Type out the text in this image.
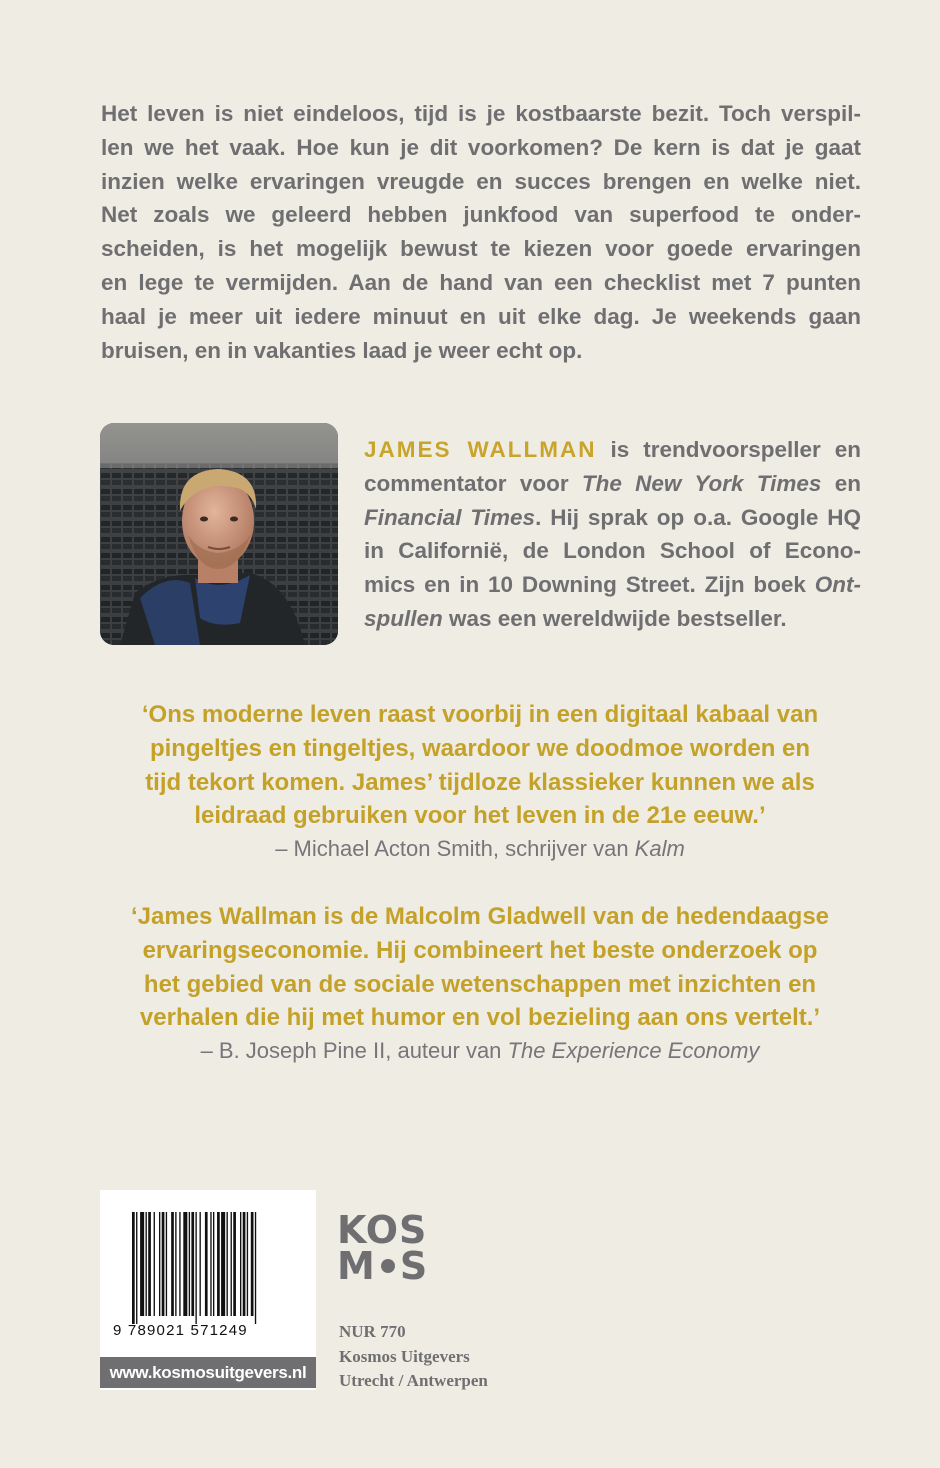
Het leven is niet eindeloos, tijd is je kostbaarste bezit. Toch verspil-
len we het vaak. Hoe kun je dit voorkomen? De kern is dat je gaat
inzien welke ervaringen vreugde en succes brengen en welke niet.
Net zoals we geleerd hebben junkfood van superfood te onder-
scheiden, is het mogelijk bewust te kiezen voor goede ervaringen
en lege te vermijden. Aan de hand van een checklist met 7 punten
haal je meer uit iedere minuut en uit elke dag. Je weekends gaan
bruisen, en in vakanties laad je weer echt op.
JAMES WALLMAN is trendvoorspeller en
commentator voor The New York Times en
Financial Times. Hij sprak op o.a. Google HQ
in Californië, de London School of Econo-
mics en in 10 Downing Street. Zijn boek Ont-
spullen was een wereldwijde bestseller.
‘Ons moderne leven raast voorbij in een digitaal kabaal van
pingeltjes en tingeltjes, waardoor we doodmoe worden en
tijd tekort komen. James’ tijdloze klassieker kunnen we als
leidraad gebruiken voor het leven in de 21e eeuw.’
– Michael Acton Smith, schrijver van Kalm
‘James Wallman is de Malcolm Gladwell van de hedendaagse
ervaringseconomie. Hij combineert het beste onderzoek op
het gebied van de sociale wetenschappen met inzichten en
verhalen die hij met humor en vol bezieling aan ons vertelt.’
– B. Joseph Pine II, auteur van The Experience Economy
9 789021 571249
www.kosmosuitgevers.nl
KOS
M S
NUR 770
Kosmos Uitgevers
Utrecht / Antwerpen
